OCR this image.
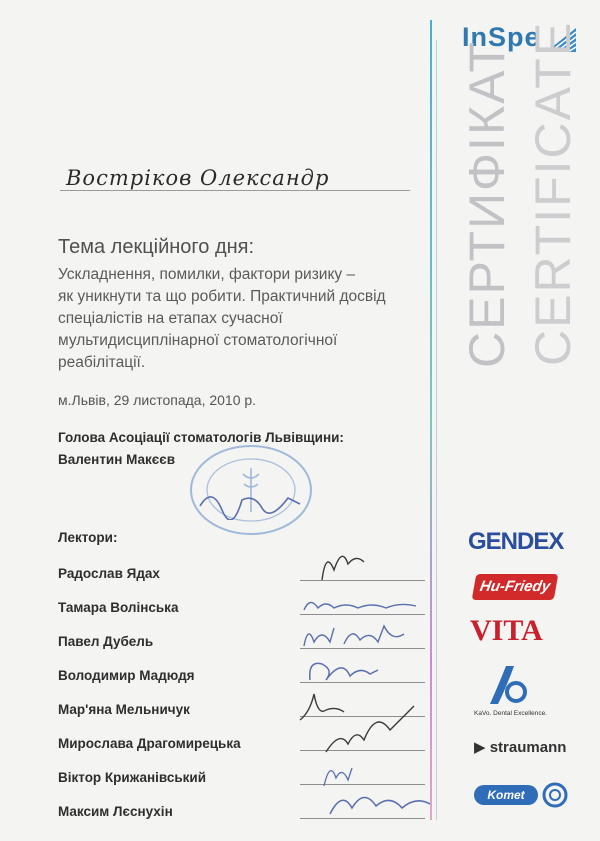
InSpe
СЕРТИФІКАТ CERTIFICATE
Востріков Олександр
Тема лекційного дня:
Ускладнення, помилки, фактори ризику –
як уникнути та що робити. Практичний досвід
спеціалістів на етапах сучасної
мультидисциплінарної стоматологічної
реабілітації.
м.Львів, 29 листопада, 2010 р.
Голова Асоціації стоматологів Львівщини:
Валентин Макєєв
Лектори:
Радослав Ядах
Тамара Волінська
Павел Дубель
Володимир Мадюдя
Мар'яна Мельничук
Мирослава Драгомирецька
Віктор Крижанівський
Максим Лєснухін
GENDEX
Hu-Friedy
VITA
KaVo. Dental Excellence.
▶ straumann
Komet
